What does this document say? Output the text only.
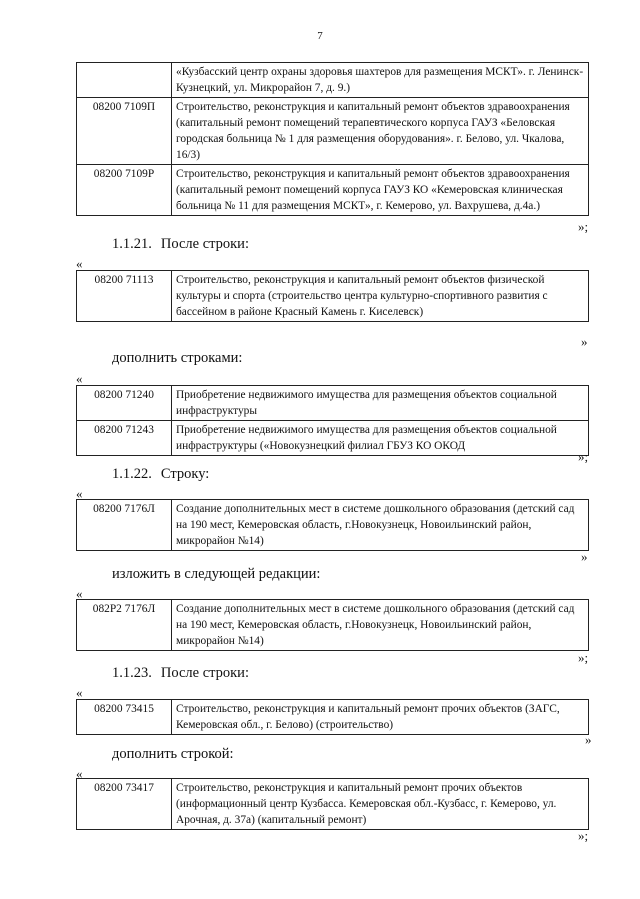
7
	«Кузбасский центр охраны здоровья шахтеров для размещения МСКТ». г. Ленинск-Кузнецкий, ул. Микрорайон 7, д. 9.)
08200 7109П	Строительство, реконструкция и капитальный ремонт объектов здравоохранения (капитальный ремонт помещений терапевтического корпуса ГАУЗ «Беловская городская больница № 1 для размещения оборудования». г. Белово, ул. Чкалова, 16/3)
08200 7109Р	Строительство, реконструкция и капитальный ремонт объектов здравоохранения (капитальный ремонт помещений корпуса ГАУЗ КО «Кемеровская клиническая больница № 11 для размещения МСКТ», г. Кемерово, ул. Вахрушева, д.4а.)
»;
1.1.21. После строки:
«
08200 71113	Строительство, реконструкция и капитальный ремонт объектов физической культуры и спорта (строительство центра культурно-спортивного развития с бассейном в районе Красный Камень г. Киселевск)
»
дополнить строками:
«
08200 71240	Приобретение недвижимого имущества для размещения объектов социальной инфраструктуры
08200 71243	Приобретение недвижимого имущества для размещения объектов социальной инфраструктуры («Новокузнецкий филиал ГБУЗ КО ОКОД
»;
1.1.22. Строку:
«
08200 7176Л	Создание дополнительных мест в системе дошкольного образования (детский сад на 190 мест, Кемеровская область, г.Новокузнецк, Новоильинский район, микрорайон №14)
»
изложить в следующей редакции:
«
082Р2 7176Л	Создание дополнительных мест в системе дошкольного образования (детский сад на 190 мест, Кемеровская область, г.Новокузнецк, Новоильинский район, микрорайон №14)
»;
1.1.23. После строки:
«
08200 73415	Строительство, реконструкция и капитальный ремонт прочих объектов (ЗАГС, Кемеровская обл., г. Белово) (строительство)
»
дополнить строкой:
«
08200 73417	Строительство, реконструкция и капитальный ремонт прочих объектов (информационный центр Кузбасса. Кемеровская обл.-Кузбасс, г. Кемерово, ул. Арочная, д. 37а) (капитальный ремонт)
»;
